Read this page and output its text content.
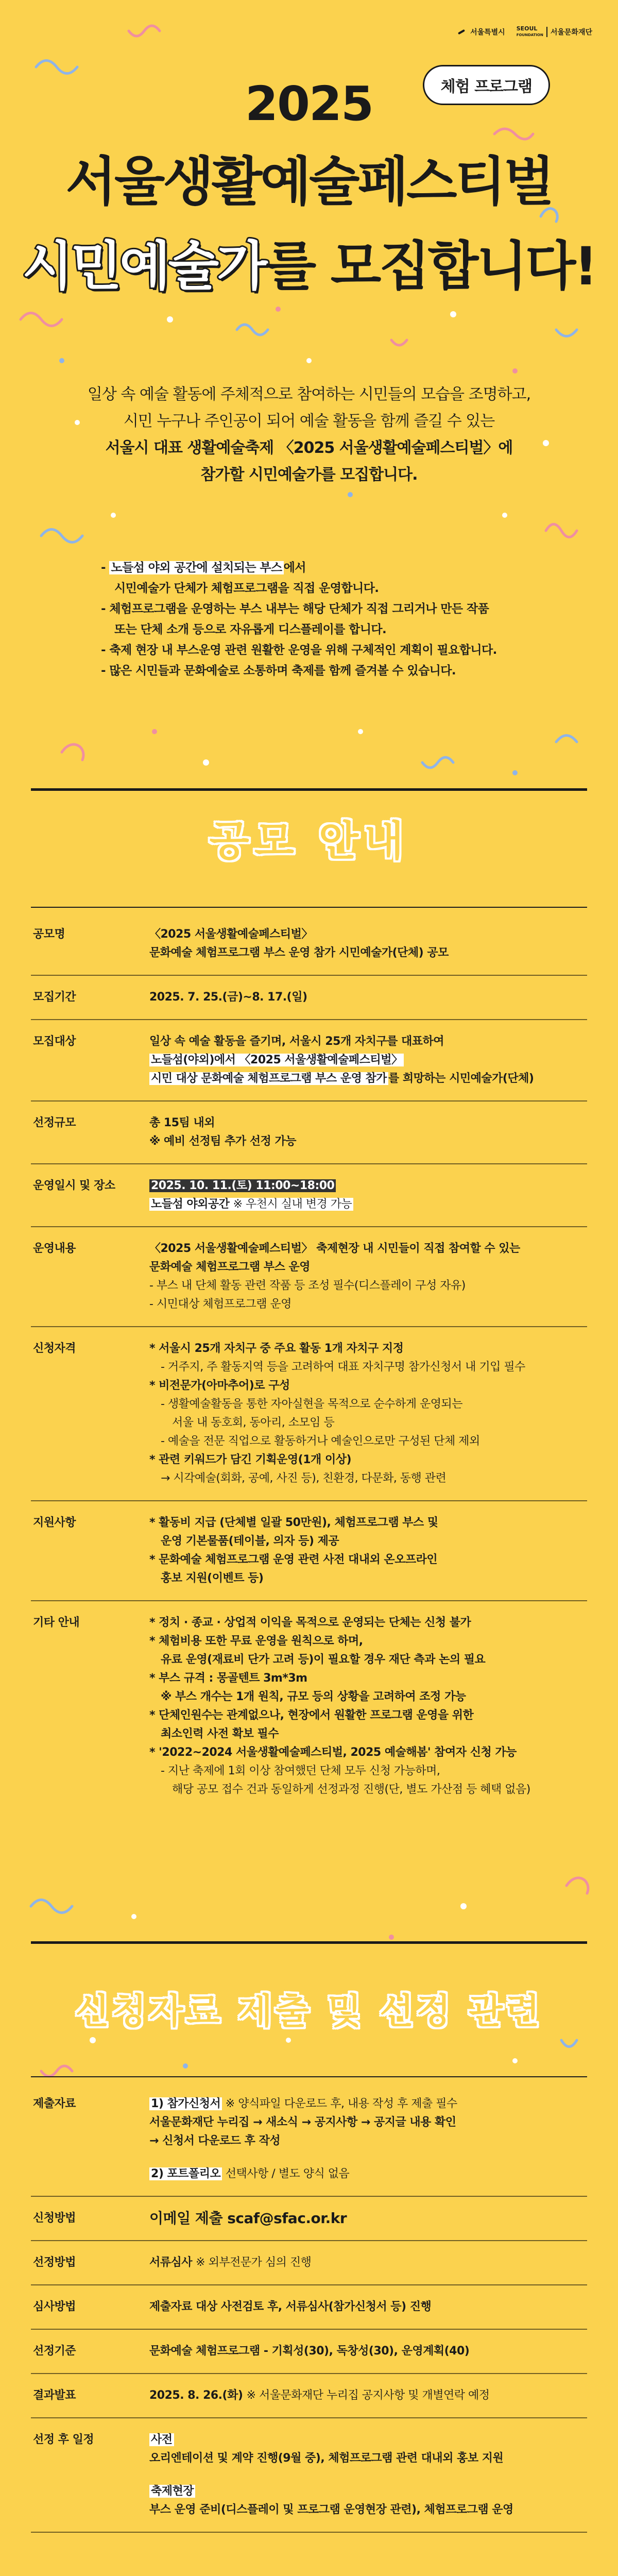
서울특별시 SEOUL
FOUNDATION 서울문화재단
체험 프로그램
2025
서울생활예술페스티벌
시민예술가를 모집합니다!

일상 속 예술 활동에 주체적으로 참여하는 시민들의 모습을 조명하고,

시민 누구나 주인공이 되어 예술 활동을 함께 즐길 수 있는

서울시 대표 생활예술축제 〈2025 서울생활예술페스티벌〉에

참가할 시민예술가를 모집합니다.

- 노들섬 야외 공간에 설치되는 부스 에서
시민예술가 단체가 체험프로그램을 직접 운영합니다.
- 체험프로그램을 운영하는 부스 내부는 해당 단체가 직접 그리거나 만든 작품
또는 단체 소개 등으로 자유롭게 디스플레이를 합니다.
- 축제 현장 내 부스운영 관련 원활한 운영을 위해 구체적인 계획이 필요합니다.
- 많은 시민들과 문화예술로 소통하며 축제를 함께 즐겨볼 수 있습니다.
공모 안내
공모명	〈2025 서울생활예술페스티벌〉
문화예술 체험프로그램 부스 운영 참가 시민예술가(단체) 공모
모집기간	2025. 7. 25.(금)~8. 17.(일)
모집대상	일상 속 예술 활동을 즐기며, 서울시 25개 자치구를 대표하여
노들섬(야외)에서 〈2025 서울생활예술페스티벌〉
시민 대상 문화예술 체험프로그램 부스 운영 참가 를 희망하는 시민예술가(단체)
선정규모	총 15팀 내외
※ 예비 선정팀 추가 선정 가능
운영일시 및 장소	2025. 10. 11.(토) 11:00~18:00
노들섬 야외공간 ※ 우천시 실내 변경 가능
운영내용	〈2025 서울생활예술페스티벌〉 축제현장 내 시민들이 직접 참여할 수 있는
문화예술 체험프로그램 부스 운영
- 부스 내 단체 활동 관련 작품 등 조성 필수(디스플레이 구성 자유)
- 시민대상 체험프로그램 운영
신청자격	* 서울시 25개 자치구 중 주요 활동 1개 자치구 지정
- 거주지, 주 활동지역 등을 고려하여 대표 자치구명 참가신청서 내 기입 필수
* 비전문가(아마추어)로 구성
- 생활예술활동을 통한 자아실현을 목적으로 순수하게 운영되는
서울 내 동호회, 동아리, 소모임 등
- 예술을 전문 직업으로 활동하거나 예술인으로만 구성된 단체 제외
* 관련 키워드가 담긴 기획운영(1개 이상)
→ 시각예술(회화, 공예, 사진 등), 친환경, 다문화, 동행 관련
지원사항	* 활동비 지급 (단체별 일괄 50만원), 체험프로그램 부스 및
운영 기본물품(테이블, 의자 등) 제공
* 문화예술 체험프로그램 운영 관련 사전 대내외 온오프라인
홍보 지원(이벤트 등)
기타 안내	* 정치 · 종교 · 상업적 이익을 목적으로 운영되는 단체는 신청 불가
* 체험비용 또한 무료 운영을 원칙으로 하며,
유료 운영(재료비 단가 고려 등)이 필요할 경우 재단 측과 논의 필요
* 부스 규격 : 몽골텐트 3m*3m
※ 부스 개수는 1개 원칙, 규모 등의 상황을 고려하여 조정 가능
* 단체인원수는 관계없으나, 현장에서 원활한 프로그램 운영을 위한
최소인력 사전 확보 필수
* '2022~2024 서울생활예술페스티벌, 2025 예술해봄' 참여자 신청 가능
- 지난 축제에 1회 이상 참여했던 단체 모두 신청 가능하며,
해당 공모 접수 건과 동일하게 선정과정 진행(단, 별도 가산점 등 혜택 없음)
신청자료 제출 및 선정 관련
제출자료	1) 참가신청서 ※ 양식파일 다운로드 후, 내용 작성 후 제출 필수
서울문화재단 누리집 → 새소식 → 공지사항 → 공지글 내용 확인
→ 신청서 다운로드 후 작성
2) 포트폴리오 선택사항 / 별도 양식 없음
신청방법	이메일 제출 scaf@sfac.or.kr
선정방법	서류심사 ※ 외부전문가 심의 진행
심사방법	제출자료 대상 사전검토 후, 서류심사(참가신청서 등) 진행
선정기준	문화예술 체험프로그램 - 기획성(30), 독창성(30), 운영계획(40)
결과발표	2025. 8. 26.(화) ※ 서울문화재단 누리집 공지사항 및 개별연락 예정
선정 후 일정	사전
오리엔테이션 및 계약 진행(9월 중), 체험프로그램 관련 대내외 홍보 지원
축제현장
부스 운영 준비(디스플레이 및 프로그램 운영현장 관련), 체험프로그램 운영
